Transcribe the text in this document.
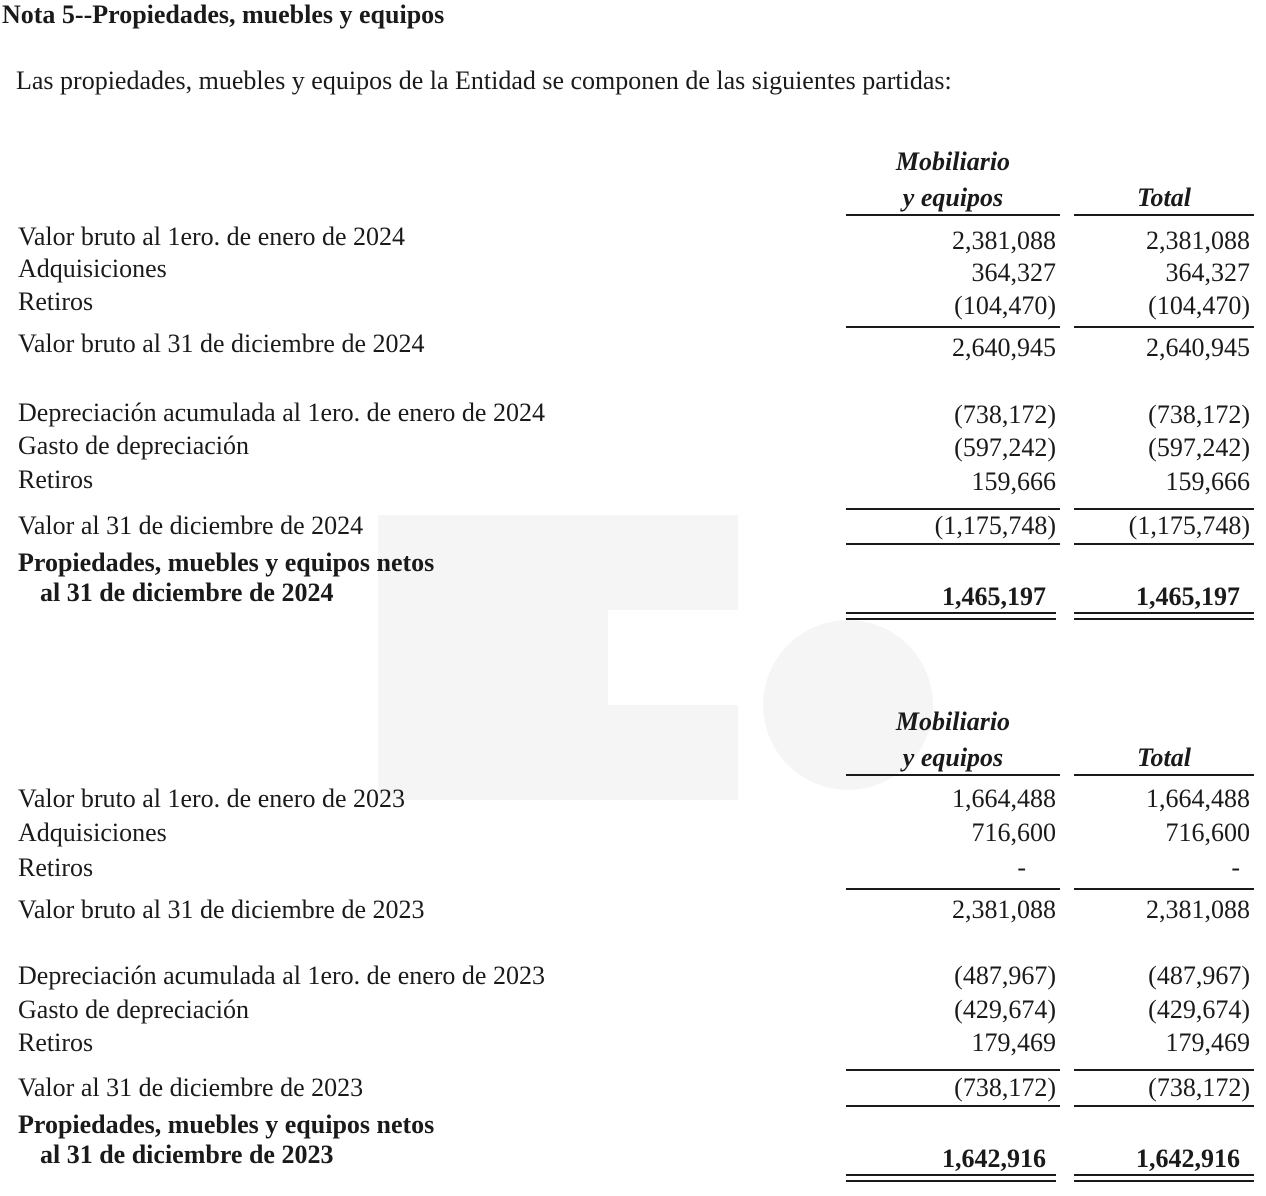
Nota 5--Propiedades, muebles y equipos
Las propiedades, muebles y equipos de la Entidad se componen de las siguientes partidas:
Mobiliario
y equipos	Total
Valor bruto al 1ero. de enero de 2024	2,381,088	2,381,088
Adquisiciones	364,327	364,327
Retiros	(104,470)	(104,470)
Valor bruto al 31 de diciembre de 2024	2,640,945	2,640,945
Depreciación acumulada al 1ero. de enero de 2024	(738,172)	(738,172)
Gasto de depreciación	(597,242)	(597,242)
Retiros	159,666	159,666
Valor al 31 de diciembre de 2024	(1,175,748)	(1,175,748)
Propiedades, muebles y equipos netos
al 31 de diciembre de 2024	1,465,197	1,465,197
Mobiliario
y equipos	Total
Valor bruto al 1ero. de enero de 2023	1,664,488	1,664,488
Adquisiciones	716,600	716,600
Retiros	-	-
Valor bruto al 31 de diciembre de 2023	2,381,088	2,381,088
Depreciación acumulada al 1ero. de enero de 2023	(487,967)	(487,967)
Gasto de depreciación	(429,674)	(429,674)
Retiros	179,469	179,469
Valor al 31 de diciembre de 2023	(738,172)	(738,172)
Propiedades, muebles y equipos netos
al 31 de diciembre de 2023	1,642,916	1,642,916
